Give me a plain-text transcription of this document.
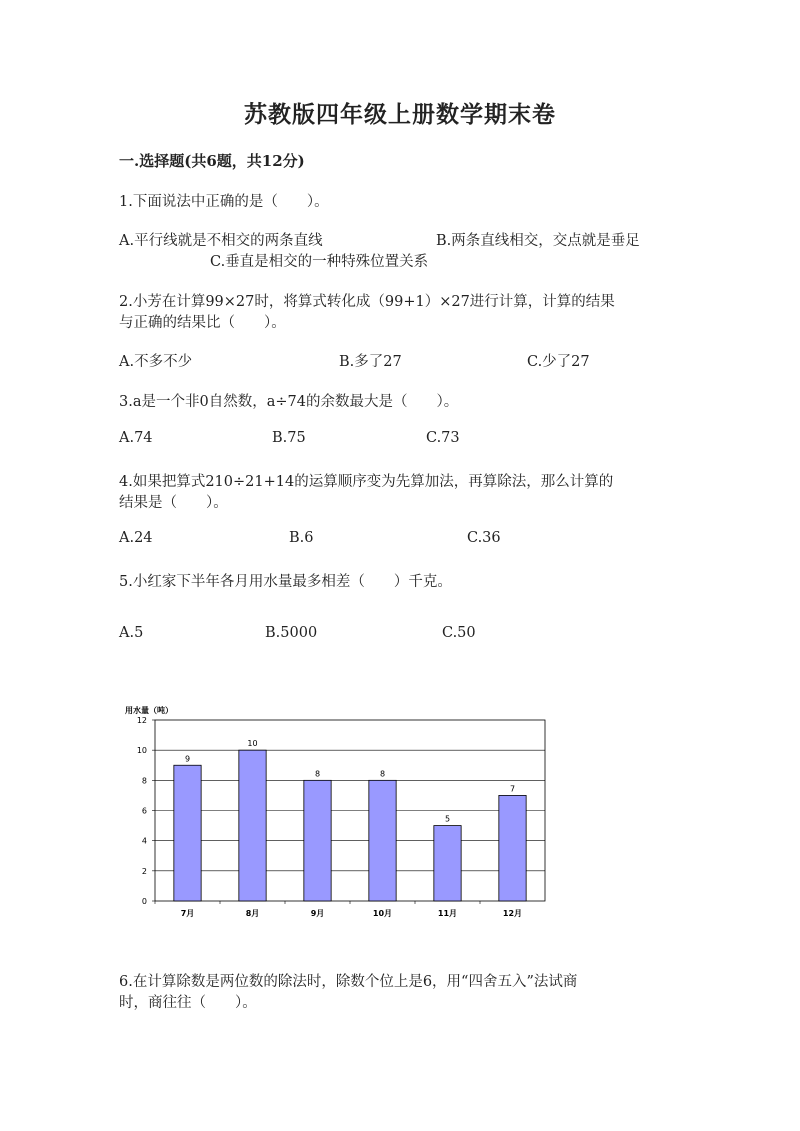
苏教版四年级上册数学期末卷
一.选择题(共6题，共12分)
1.下面说法中正确的是（　　）。
A.平行线就是不相交的两条直线	B.两条直线相交，交点就是垂足
C.垂直是相交的一种特殊位置关系
2.小芳在计算99×27时，将算式转化成（99+1）×27进行计算，计算的结果
与正确的结果比（　　）。
A.不多不少	B.多了27	C.少了27
3.a是一个非0自然数，a÷74的余数最大是（　　）。
A.74	B.75	C.73
4.如果把算式210÷21+14的运算顺序变为先算加法，再算除法，那么计算的
结果是（　　）。
A.24	B.6	C.36
5.小红家下半年各月用水量最多相差（　　）千克。
A.5	B.5000	C.50
用水量（吨）
0
2
4
6
8
10
12
9
10
8	8
5
7
7月	8月	9月	10月	11月	12月
6.在计算除数是两位数的除法时，除数个位上是6，用“四舍五入”法试商
时，商往往（　　）。
